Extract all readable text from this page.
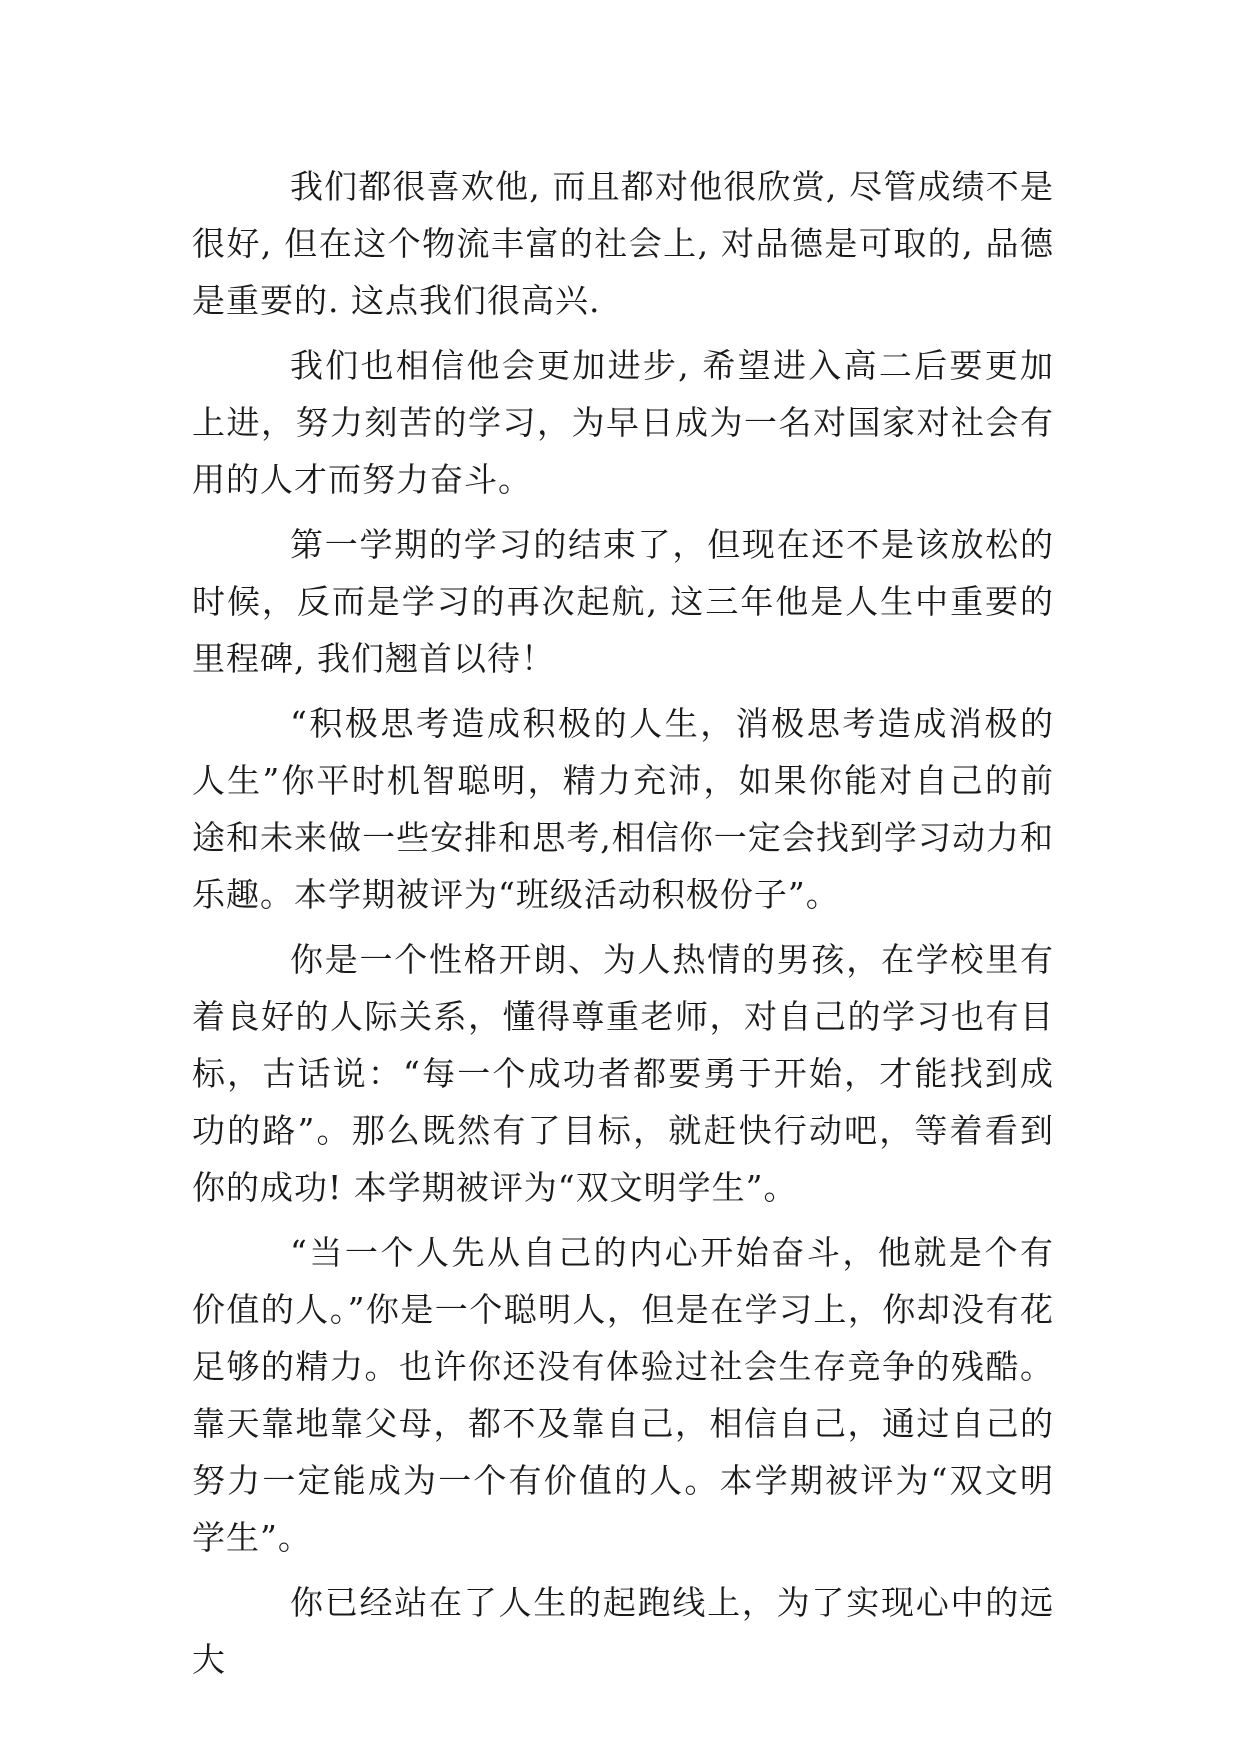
我们都很喜欢他, 而且都对他很欣赏, 尽管成绩不是很好, 但在这个物流丰富的社会上, 对品德是可取的, 品德是重要的. 这点我们很高兴.

我们也相信他会更加进步, 希望进入高二后要更加上进，努力刻苦的学习，为早日成为一名对国家对社会有用的人才而努力奋斗。

第一学期的学习的结束了，但现在还不是该放松的时候，反而是学习的再次起航, 这三年他是人生中重要的里程碑, 我们翘首以待！

“积极思考造成积极的人生，消极思考造成消极的人生”你平时机智聪明，精力充沛，如果你能对自己的前途和未来做一些安排和思考,相信你一定会找到学习动力和乐趣。本学期被评为“班级活动积极份子”。

你是一个性格开朗、为人热情的男孩，在学校里有着良好的人际关系，懂得尊重老师，对自己的学习也有目标，古话说：“每一个成功者都要勇于开始，才能找到成功的路”。那么既然有了目标，就赶快行动吧，等着看到你的成功! 本学期被评为“双文明学生”。

“当一个人先从自己的内心开始奋斗，他就是个有价值的人。”你是一个聪明人，但是在学习上，你却没有花足够的精力。也许你还没有体验过社会生存竞争的残酷。靠天靠地靠父母，都不及靠自己，相信自己，通过自己的努力一定能成为一个有价值的人。本学期被评为“双文明学生”。

你已经站在了人生的起跑线上，为了实现心中的远大
